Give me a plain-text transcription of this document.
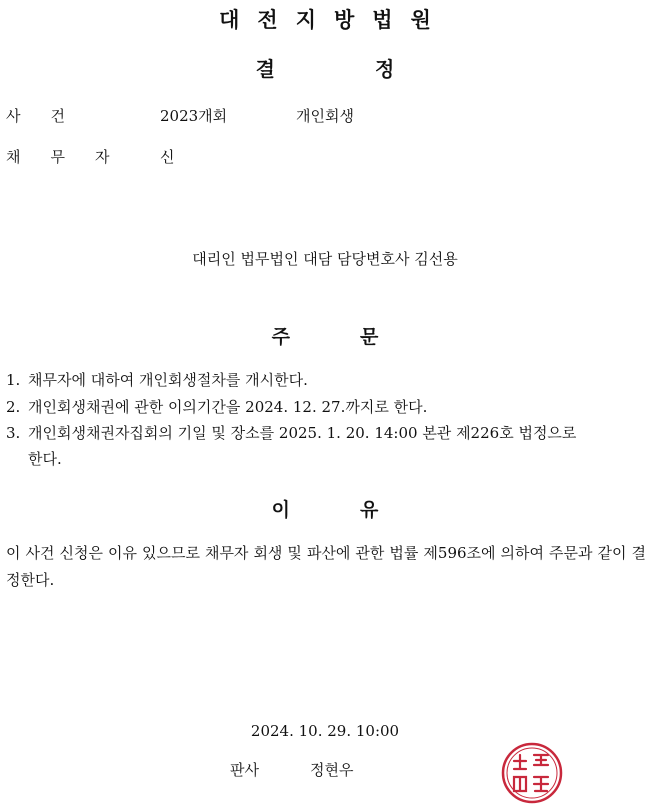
대전지방법원
결정
사건	2023개회	개인회생
채무자 신
대리인 법무법인 대담 담당변호사 김선용
주문
1. 채무자에 대하여 개인회생절차를 개시한다.
2. 개인회생채권에 관한 이의기간을 2024. 12. 27.까지로 한다.
3. 개인회생채권자집회의 기일 및 장소를 2025. 1. 20. 14:00 본관 제226호 법정으로
한다.
이유
이 사건 신청은 이유 있으므로 채무자 회생 및 파산에 관한 법률 제596조에 의하여 주문과 같이 결정한다.
2024. 10. 29. 10:00
판사	정현우
